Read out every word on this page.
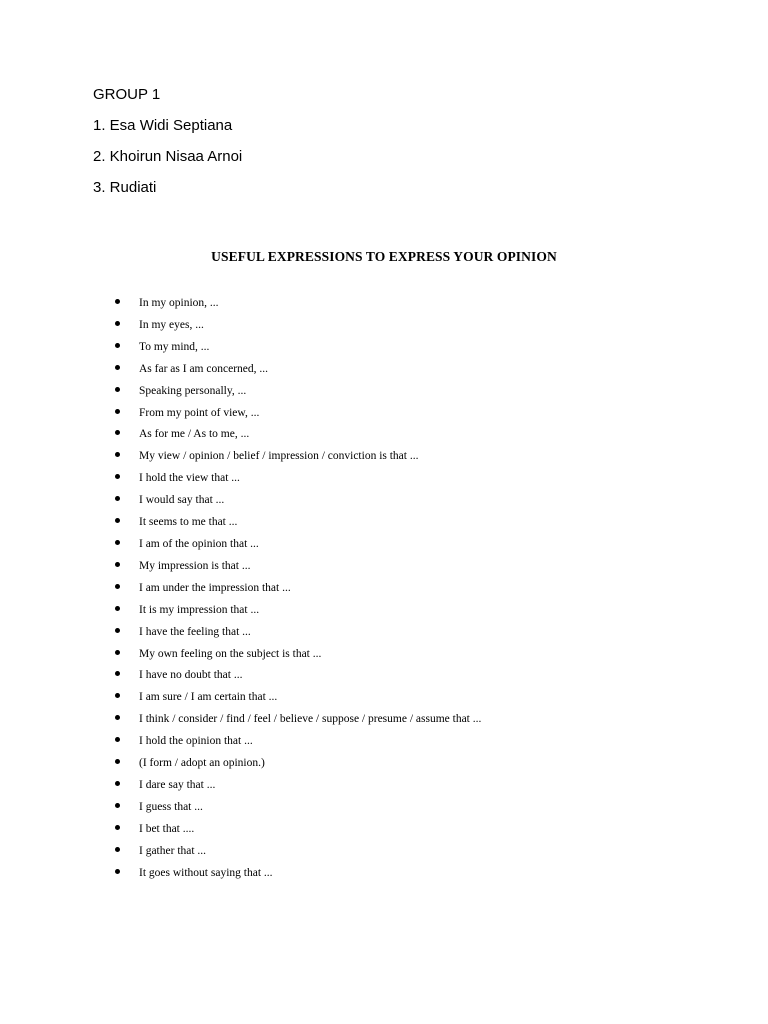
GROUP 1
1. Esa Widi Septiana
2. Khoirun Nisaa Arnoi
3. Rudiati
USEFUL EXPRESSIONS TO EXPRESS YOUR OPINION
In my opinion, ...
In my eyes, ...
To my mind, ...
As far as I am concerned, ...
Speaking personally, ...
From my point of view, ...
As for me / As to me, ...
My view / opinion / belief / impression / conviction is that ...
I hold the view that ...
I would say that ...
It seems to me that ...
I am of the opinion that ...
My impression is that ...
I am under the impression that ...
It is my impression that ...
I have the feeling that ...
My own feeling on the subject is that ...
I have no doubt that ...
I am sure / I am certain that ...
I think / consider / find / feel / believe / suppose / presume / assume that ...
I hold the opinion that ...
(I form / adopt an opinion.)
I dare say that ...
I guess that ...
I bet that ....
I gather that ...
It goes without saying that ...
